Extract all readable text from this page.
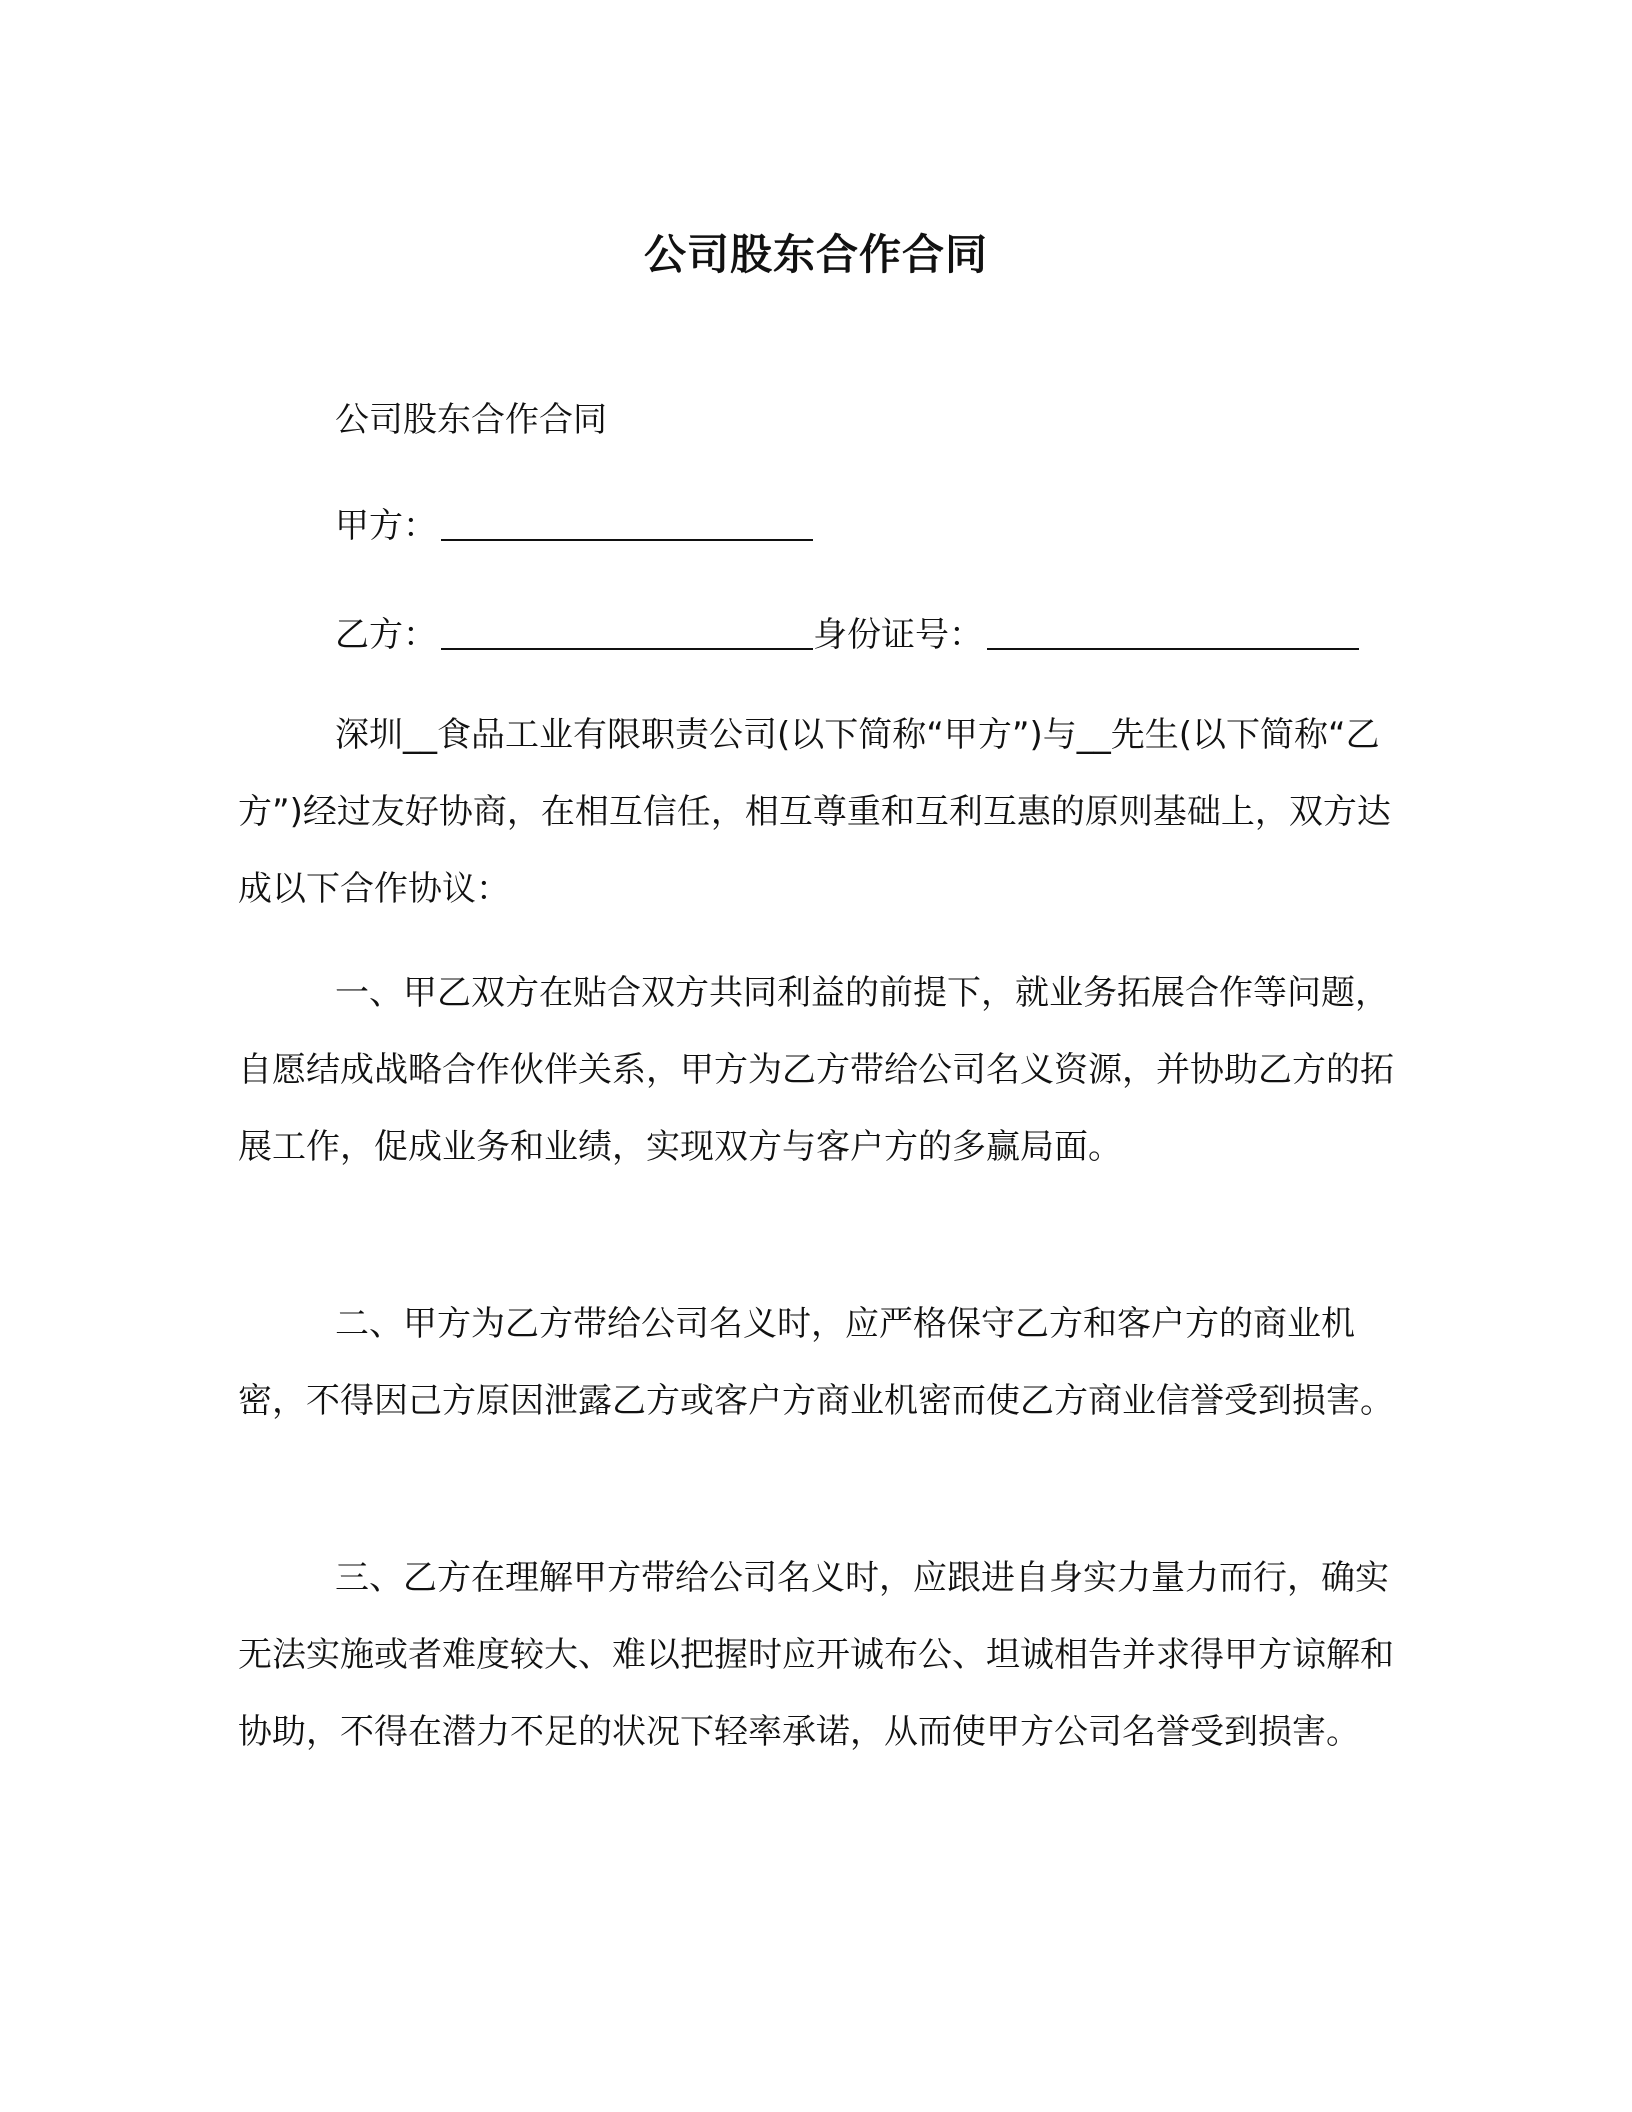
公司股东合作合同
公司股东合作合同
甲方：
乙方：	身份证号：

深圳__食品工业有限职责公司(以下简称“甲方”)与__先生(以下简称“乙方”)经过友好协商，在相互信任，相互尊重和互利互惠的原则基础上，双方达成以下合作协议：

一、甲乙双方在贴合双方共同利益的前提下，就业务拓展合作等问题，自愿结成战略合作伙伴关系，甲方为乙方带给公司名义资源，并协助乙方的拓展工作，促成业务和业绩，实现双方与客户方的多赢局面。

二、甲方为乙方带给公司名义时，应严格保守乙方和客户方的商业机密，不得因己方原因泄露乙方或客户方商业机密而使乙方商业信誉受到损害。

三、乙方在理解甲方带给公司名义时，应跟进自身实力量力而行，确实无法实施或者难度较大、难以把握时应开诚布公、坦诚相告并求得甲方谅解和协助，不得在潜力不足的状况下轻率承诺，从而使甲方公司名誉受到损害。
